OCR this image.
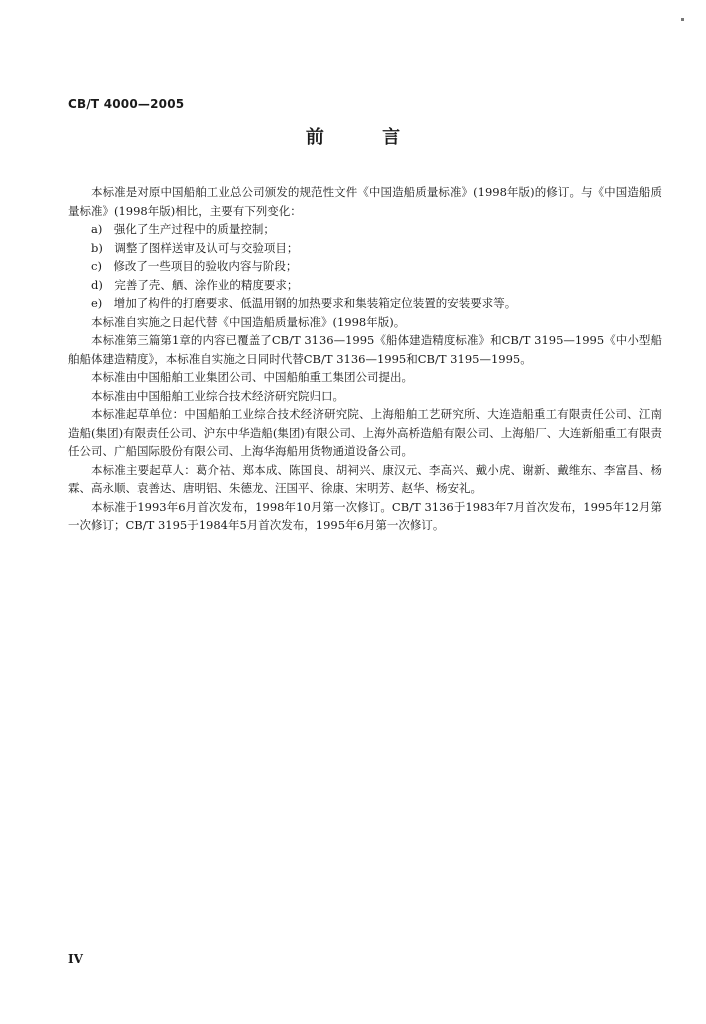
CB/T 4000—2005
前 言

本标准是对原中国船舶工业总公司颁发的规范性文件《中国造船质量标准》(1998年版)的修订。与《中国造船质量标准》(1998年版)相比，主要有下列变化：

a)　强化了生产过程中的质量控制；

b)　调整了图样送审及认可与交验项目；

c)　修改了一些项目的验收内容与阶段；

d)　完善了壳、舾、涂作业的精度要求；

e)　增加了构件的打磨要求、低温用钢的加热要求和集装箱定位装置的安装要求等。

本标准自实施之日起代替《中国造船质量标准》(1998年版)。

本标准第三篇第1章的内容已覆盖了CB/T 3136—1995《船体建造精度标准》和CB/T 3195—1995《中小型船舶船体建造精度》，本标准自实施之日同时代替CB/T 3136—1995和CB/T 3195—1995。

本标准由中国船舶工业集团公司、中国船舶重工集团公司提出。

本标准由中国船舶工业综合技术经济研究院归口。

本标准起草单位：中国船舶工业综合技术经济研究院、上海船舶工艺研究所、大连造船重工有限责任公司、江南造船(集团)有限责任公司、沪东中华造船(集团)有限公司、上海外高桥造船有限公司、上海船厂、大连新船重工有限责任公司、广船国际股份有限公司、上海华海船用货物通道设备公司。

本标准主要起草人：葛介祜、郑本成、陈国良、胡祠兴、康汉元、李高兴、戴小虎、谢新、戴维东、李富昌、杨霖、高永顺、袁善达、唐明铝、朱德龙、汪国平、徐康、宋明芳、赵华、杨安礼。

本标准于1993年6月首次发布，1998年10月第一次修订。CB/T 3136于1983年7月首次发布，1995年12月第一次修订；CB/T 3195于1984年5月首次发布，1995年6月第一次修订。

IV
